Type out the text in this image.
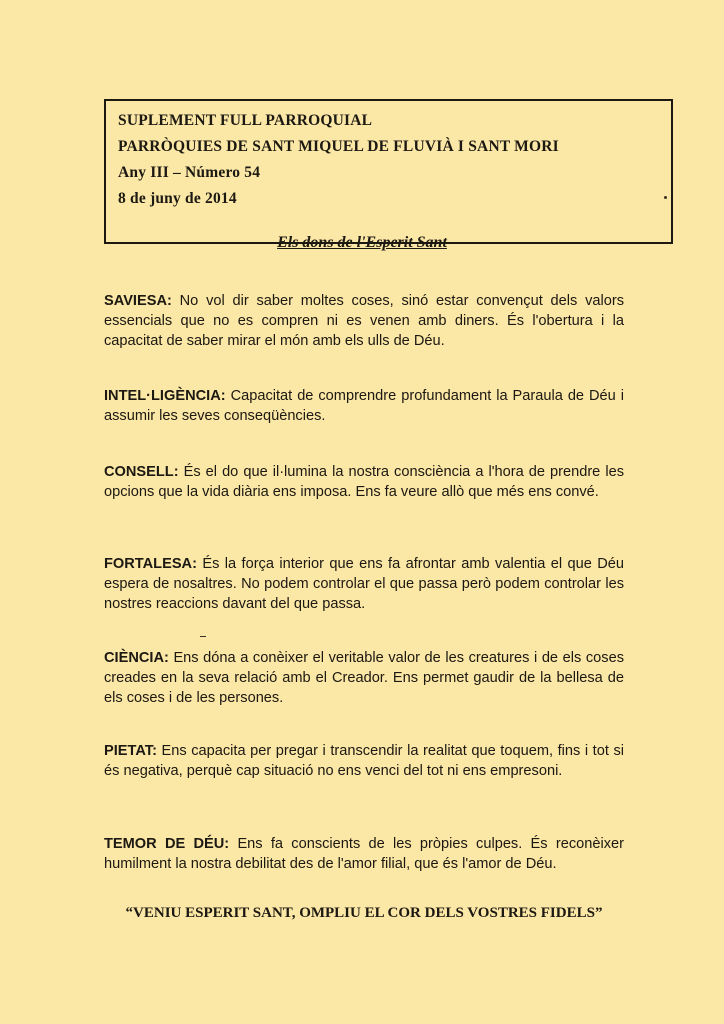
SUPLEMENT FULL PARROQUIAL

PARRÒQUIES DE SANT MIQUEL DE FLUVIÀ I SANT MORI

Any III – Número 54

8 de juny de 2014

Els dons de l'Esperit Sant
SAVIESA: No vol dir saber moltes coses, sinó estar convençut dels valors essencials que no es compren ni es venen amb diners. És l'obertura i la capacitat de saber mirar el món amb els ulls de Déu.
INTEL·LIGÈNCIA: Capacitat de comprendre profundament la Paraula de Déu i assumir les seves conseqüències.
CONSELL: És el do que il·lumina la nostra consciència a l'hora de prendre les opcions que la vida diària ens imposa. Ens fa veure allò que més ens convé.
FORTALESA: És la força interior que ens fa afrontar amb valentia el que Déu espera de nosaltres. No podem controlar el que passa però podem controlar les nostres reaccions davant del que passa.
CIÈNCIA: Ens dóna a conèixer el veritable valor de les creatures i de els coses creades en la seva relació amb el Creador. Ens permet gaudir de la bellesa de els coses i de les persones.
PIETAT: Ens capacita per pregar i transcendir la realitat que toquem, fins i tot si és negativa, perquè cap situació no ens venci del tot ni ens empresoni.
TEMOR DE DÉU: Ens fa conscients de les pròpies culpes. És reconèixer humilment la nostra debilitat des de l'amor filial, que és l'amor de Déu.
“VENIU ESPERIT SANT, OMPLIU EL COR DELS VOSTRES FIDELS”
